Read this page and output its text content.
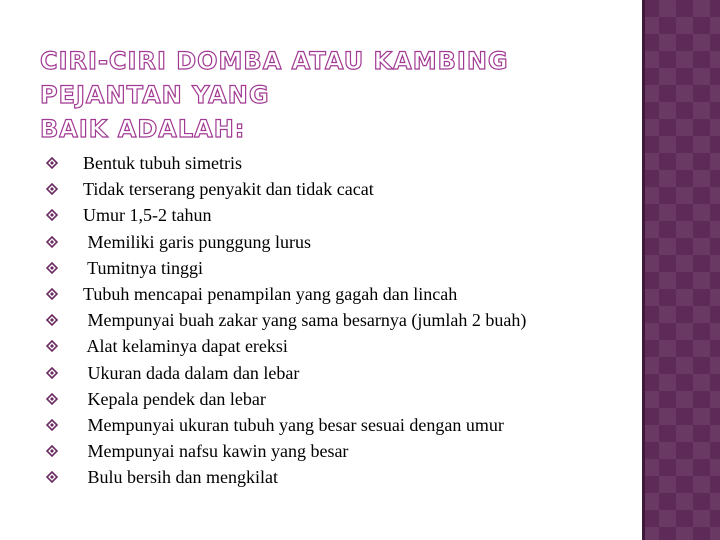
CIRI-CIRI DOMBA ATAU KAMBING PEJANTAN YANG
BAIK ADALAH:
Bentuk tubuh simetris
Tidak terserang penyakit dan tidak cacat
Umur 1,5-2 tahun
Memiliki garis punggung lurus
Tumitnya tinggi
Tubuh mencapai penampilan yang gagah dan lincah
Mempunyai buah zakar yang sama besarnya (jumlah 2 buah)
Alat kelaminya dapat ereksi
Ukuran dada dalam dan lebar
Kepala pendek dan lebar
Mempunyai ukuran tubuh yang besar sesuai dengan umur
Mempunyai nafsu kawin yang besar
Bulu bersih dan mengkilat
